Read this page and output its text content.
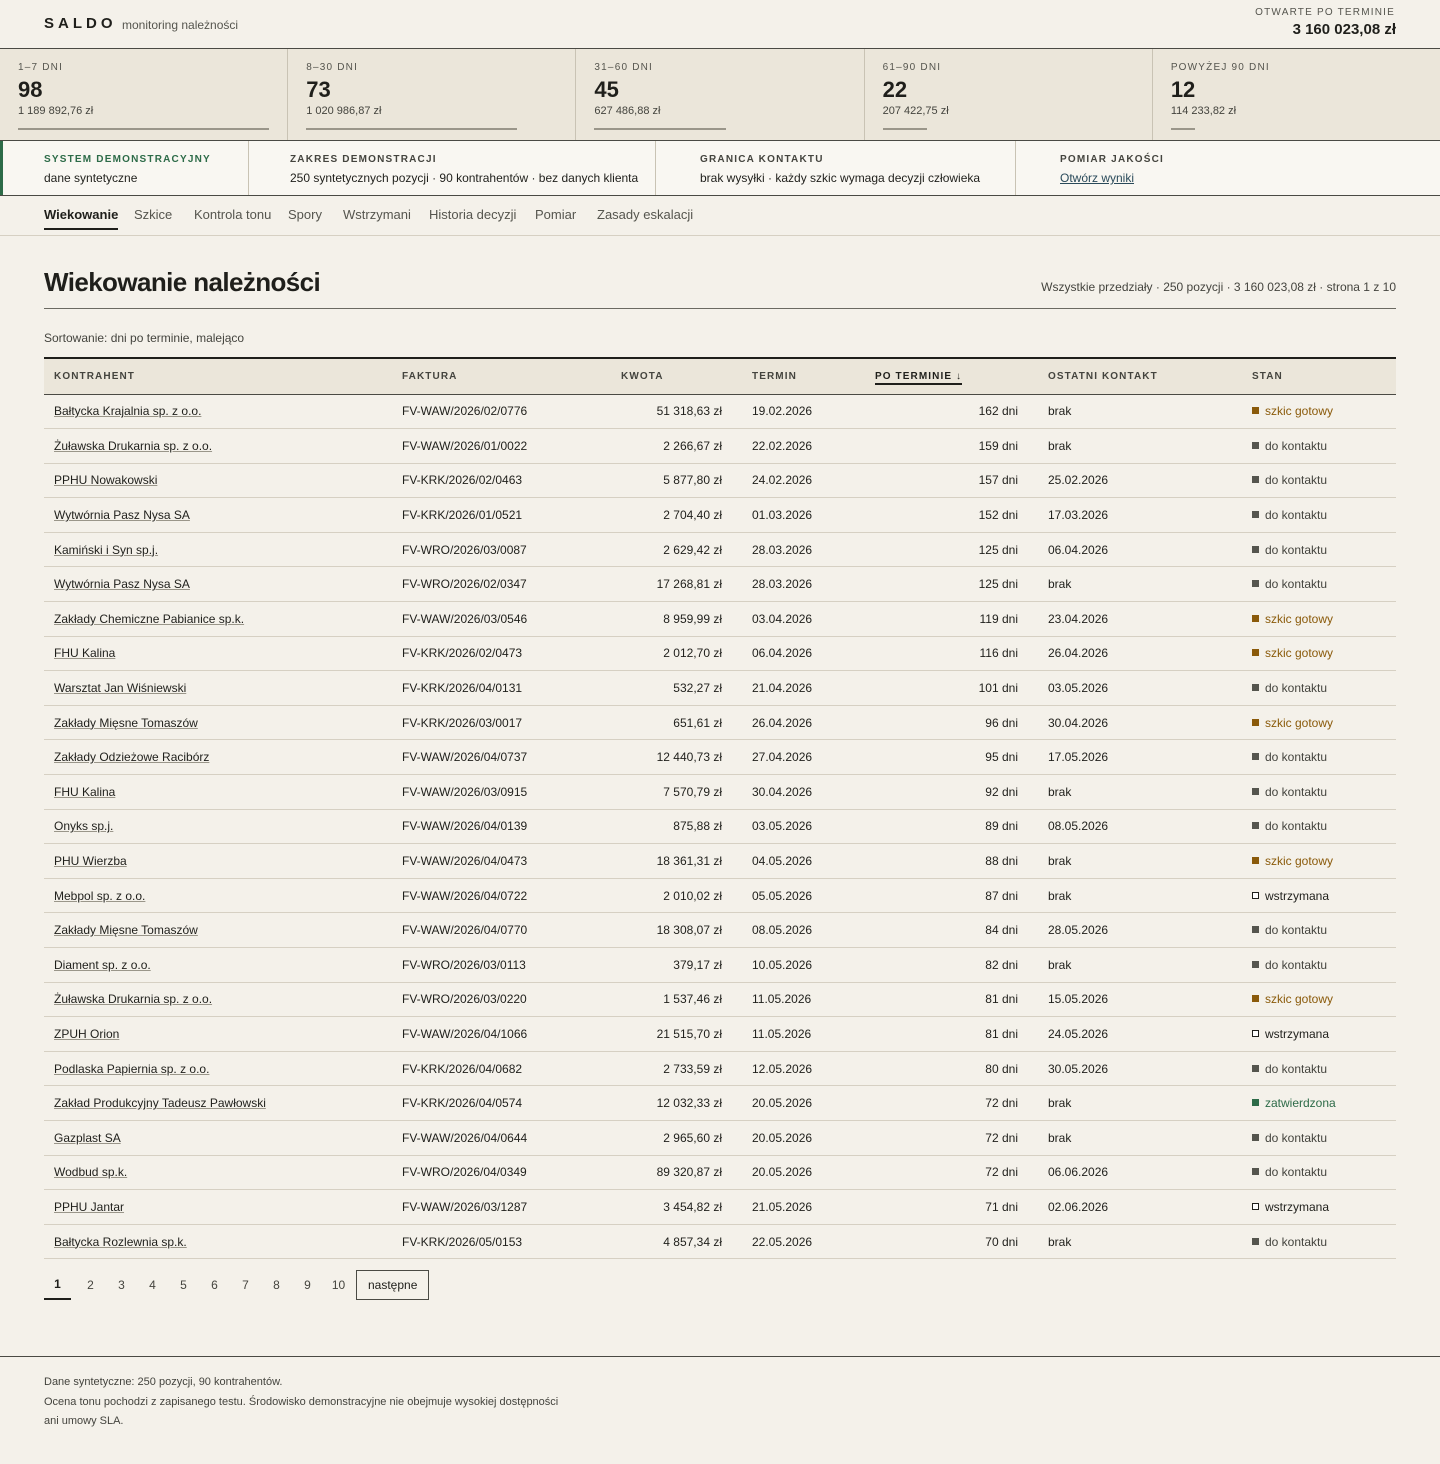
SALDO monitoring należności
OTWARTE PO TERMINIE
3 160 023,08 zł
1–7 DNI
98
1 189 892,76 zł
8–30 DNI
73
1 020 986,87 zł
31–60 DNI
45
627 486,88 zł
61–90 DNI
22
207 422,75 zł
POWYŻEJ 90 DNI
12
114 233,82 zł
SYSTEM DEMONSTRACYJNY
dane syntetyczne
ZAKRES DEMONSTRACJI
250 syntetycznych pozycji · 90 kontrahentów · bez danych klienta
GRANICA KONTAKTU
brak wysyłki · każdy szkic wymaga decyzji człowieka
POMIAR JAKOŚCI
Otwórz wyniki
Wiekowanie Szkice Kontrola tonu Spory Wstrzymani Historia decyzji Pomiar Zasady eskalacji
Wiekowanie należności	Wszystkie przedziały · 250 pozycji · 3 160 023,08 zł · strona 1 z 10
Sortowanie: dni po terminie, malejąco
KONTRAHENT	FAKTURA	KWOTA	TERMIN	PO TERMINIE ↓	OSTATNI KONTAKT	STAN
Bałtycka Krajalnia sp. z o.o.	FV-WAW/2026/02/0776	51 318,63 zł	19.02.2026	162 dni	brak	szkic gotowy
Żuławska Drukarnia sp. z o.o.	FV-WAW/2026/01/0022	2 266,67 zł	22.02.2026	159 dni	brak	do kontaktu
PPHU Nowakowski	FV-KRK/2026/02/0463	5 877,80 zł	24.02.2026	157 dni	25.02.2026	do kontaktu
Wytwórnia Pasz Nysa SA	FV-KRK/2026/01/0521	2 704,40 zł	01.03.2026	152 dni	17.03.2026	do kontaktu
Kamiński i Syn sp.j.	FV-WRO/2026/03/0087	2 629,42 zł	28.03.2026	125 dni	06.04.2026	do kontaktu
Wytwórnia Pasz Nysa SA	FV-WRO/2026/02/0347	17 268,81 zł	28.03.2026	125 dni	brak	do kontaktu
Zakłady Chemiczne Pabianice sp.k.	FV-WAW/2026/03/0546	8 959,99 zł	03.04.2026	119 dni	23.04.2026	szkic gotowy
FHU Kalina	FV-KRK/2026/02/0473	2 012,70 zł	06.04.2026	116 dni	26.04.2026	szkic gotowy
Warsztat Jan Wiśniewski	FV-KRK/2026/04/0131	532,27 zł	21.04.2026	101 dni	03.05.2026	do kontaktu
Zakłady Mięsne Tomaszów	FV-KRK/2026/03/0017	651,61 zł	26.04.2026	96 dni	30.04.2026	szkic gotowy
Zakłady Odzieżowe Racibórz	FV-WAW/2026/04/0737	12 440,73 zł	27.04.2026	95 dni	17.05.2026	do kontaktu
FHU Kalina	FV-WAW/2026/03/0915	7 570,79 zł	30.04.2026	92 dni	brak	do kontaktu
Onyks sp.j.	FV-WAW/2026/04/0139	875,88 zł	03.05.2026	89 dni	08.05.2026	do kontaktu
PHU Wierzba	FV-WAW/2026/04/0473	18 361,31 zł	04.05.2026	88 dni	brak	szkic gotowy
Mebpol sp. z o.o.	FV-WAW/2026/04/0722	2 010,02 zł	05.05.2026	87 dni	brak	wstrzymana
Zakłady Mięsne Tomaszów	FV-WAW/2026/04/0770	18 308,07 zł	08.05.2026	84 dni	28.05.2026	do kontaktu
Diament sp. z o.o.	FV-WRO/2026/03/0113	379,17 zł	10.05.2026	82 dni	brak	do kontaktu
Żuławska Drukarnia sp. z o.o.	FV-WRO/2026/03/0220	1 537,46 zł	11.05.2026	81 dni	15.05.2026	szkic gotowy
ZPUH Orion	FV-WAW/2026/04/1066	21 515,70 zł	11.05.2026	81 dni	24.05.2026	wstrzymana
Podlaska Papiernia sp. z o.o.	FV-KRK/2026/04/0682	2 733,59 zł	12.05.2026	80 dni	30.05.2026	do kontaktu
Zakład Produkcyjny Tadeusz Pawłowski	FV-KRK/2026/04/0574	12 032,33 zł	20.05.2026	72 dni	brak	zatwierdzona
Gazplast SA	FV-WAW/2026/04/0644	2 965,60 zł	20.05.2026	72 dni	brak	do kontaktu
Wodbud sp.k.	FV-WRO/2026/04/0349	89 320,87 zł	20.05.2026	72 dni	06.06.2026	do kontaktu
PPHU Jantar	FV-WAW/2026/03/1287	3 454,82 zł	21.05.2026	71 dni	02.06.2026	wstrzymana
Bałtycka Rozlewnia sp.k.	FV-KRK/2026/05/0153	4 857,34 zł	22.05.2026	70 dni	brak	do kontaktu
1	2	3	4	5	6	7	8	9	10	następne
Dane syntetyczne: 250 pozycji, 90 kontrahentów.
Ocena tonu pochodzi z zapisanego testu. Środowisko demonstracyjne nie obejmuje wysokiej dostępności ani umowy SLA.
